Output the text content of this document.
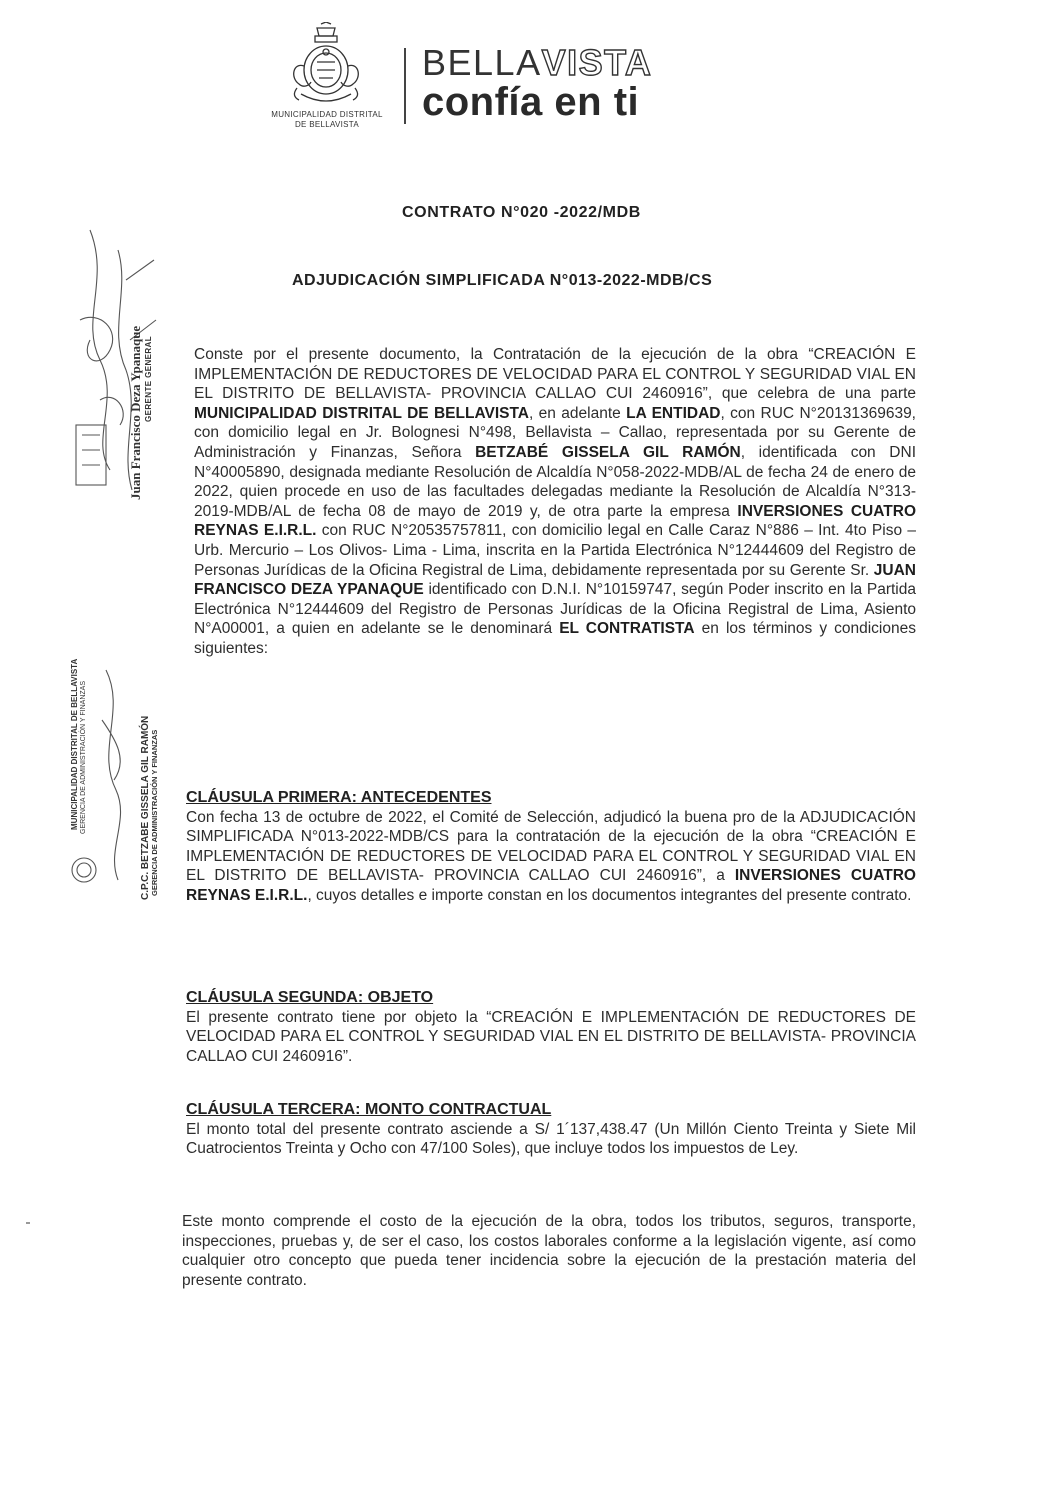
MUNICIPALIDAD DISTRITAL
DE BELLAVISTA
BELLAVISTA
confía en ti
CONTRATO N°020 -2022/MDB
ADJUDICACIÓN SIMPLIFICADA N°013-2022-MDB/CS
Conste por el presente documento, la Contratación de la ejecución de la obra “CREACIÓN E IMPLEMENTACIÓN DE REDUCTORES DE VELOCIDAD PARA EL CONTROL Y SEGURIDAD VIAL EN EL DISTRITO DE BELLAVISTA- PROVINCIA CALLAO CUI 2460916”, que celebra de una parte MUNICIPALIDAD DISTRITAL DE BELLAVISTA, en adelante LA ENTIDAD, con RUC N°20131369639, con domicilio legal en Jr. Bolognesi N°498, Bellavista – Callao, representada por su Gerente de Administración y Finanzas, Señora BETZABÉ GISSELA GIL RAMÓN, identificada con DNI N°40005890, designada mediante Resolución de Alcaldía N°058-2022-MDB/AL de fecha 24 de enero de 2022, quien procede en uso de las facultades delegadas mediante la Resolución de Alcaldía N°313-2019-MDB/AL de fecha 08 de mayo de 2019 y, de otra parte la empresa INVERSIONES CUATRO REYNAS E.I.R.L. con RUC N°20535757811, con domicilio legal en Calle Caraz N°886 – Int. 4to Piso – Urb. Mercurio – Los Olivos- Lima - Lima, inscrita en la Partida Electrónica N°12444609 del Registro de Personas Jurídicas de la Oficina Registral de Lima, debidamente representada por su Gerente Sr. JUAN FRANCISCO DEZA YPANAQUE identificado con D.N.I. N°10159747, según Poder inscrito en la Partida Electrónica N°12444609 del Registro de Personas Jurídicas de la Oficina Registral de Lima, Asiento N°A00001, a quien en adelante se le denominará EL CONTRATISTA en los términos y condiciones siguientes:
CLÁUSULA PRIMERA: ANTECEDENTES
Con fecha 13 de octubre de 2022, el Comité de Selección, adjudicó la buena pro de la ADJUDICACIÓN SIMPLIFICADA N°013-2022-MDB/CS para la contratación de la ejecución de la obra “CREACIÓN E IMPLEMENTACIÓN DE REDUCTORES DE VELOCIDAD PARA EL CONTROL Y SEGURIDAD VIAL EN EL DISTRITO DE BELLAVISTA- PROVINCIA CALLAO CUI 2460916”, a INVERSIONES CUATRO REYNAS E.I.R.L., cuyos detalles e importe constan en los documentos integrantes del presente contrato.
CLÁUSULA SEGUNDA: OBJETO
El presente contrato tiene por objeto la “CREACIÓN E IMPLEMENTACIÓN DE REDUCTORES DE VELOCIDAD PARA EL CONTROL Y SEGURIDAD VIAL EN EL DISTRITO DE BELLAVISTA- PROVINCIA CALLAO CUI 2460916”.
CLÁUSULA TERCERA: MONTO CONTRACTUAL
El monto total del presente contrato asciende a S/ 1´137,438.47 (Un Millón Ciento Treinta y Siete Mil Cuatrocientos Treinta y Ocho con 47/100 Soles), que incluye todos los impuestos de Ley.
Este monto comprende el costo de la ejecución de la obra, todos los tributos, seguros, transporte, inspecciones, pruebas y, de ser el caso, los costos laborales conforme a la legislación vigente, así como cualquier otro concepto que pueda tener incidencia sobre la ejecución de la prestación materia del presente contrato.
Juan Francisco Deza Ypanaque GERENTE GENERAL
C.P.C. BETZABE GISSELA GIL RAMÓN GERENCIA DE ADMINISTRACIÓN Y FINANZAS
MUNICIPALIDAD DISTRITAL DE BELLAVISTA GERENCIA DE ADMINISTRACIÓN Y FINANZAS
